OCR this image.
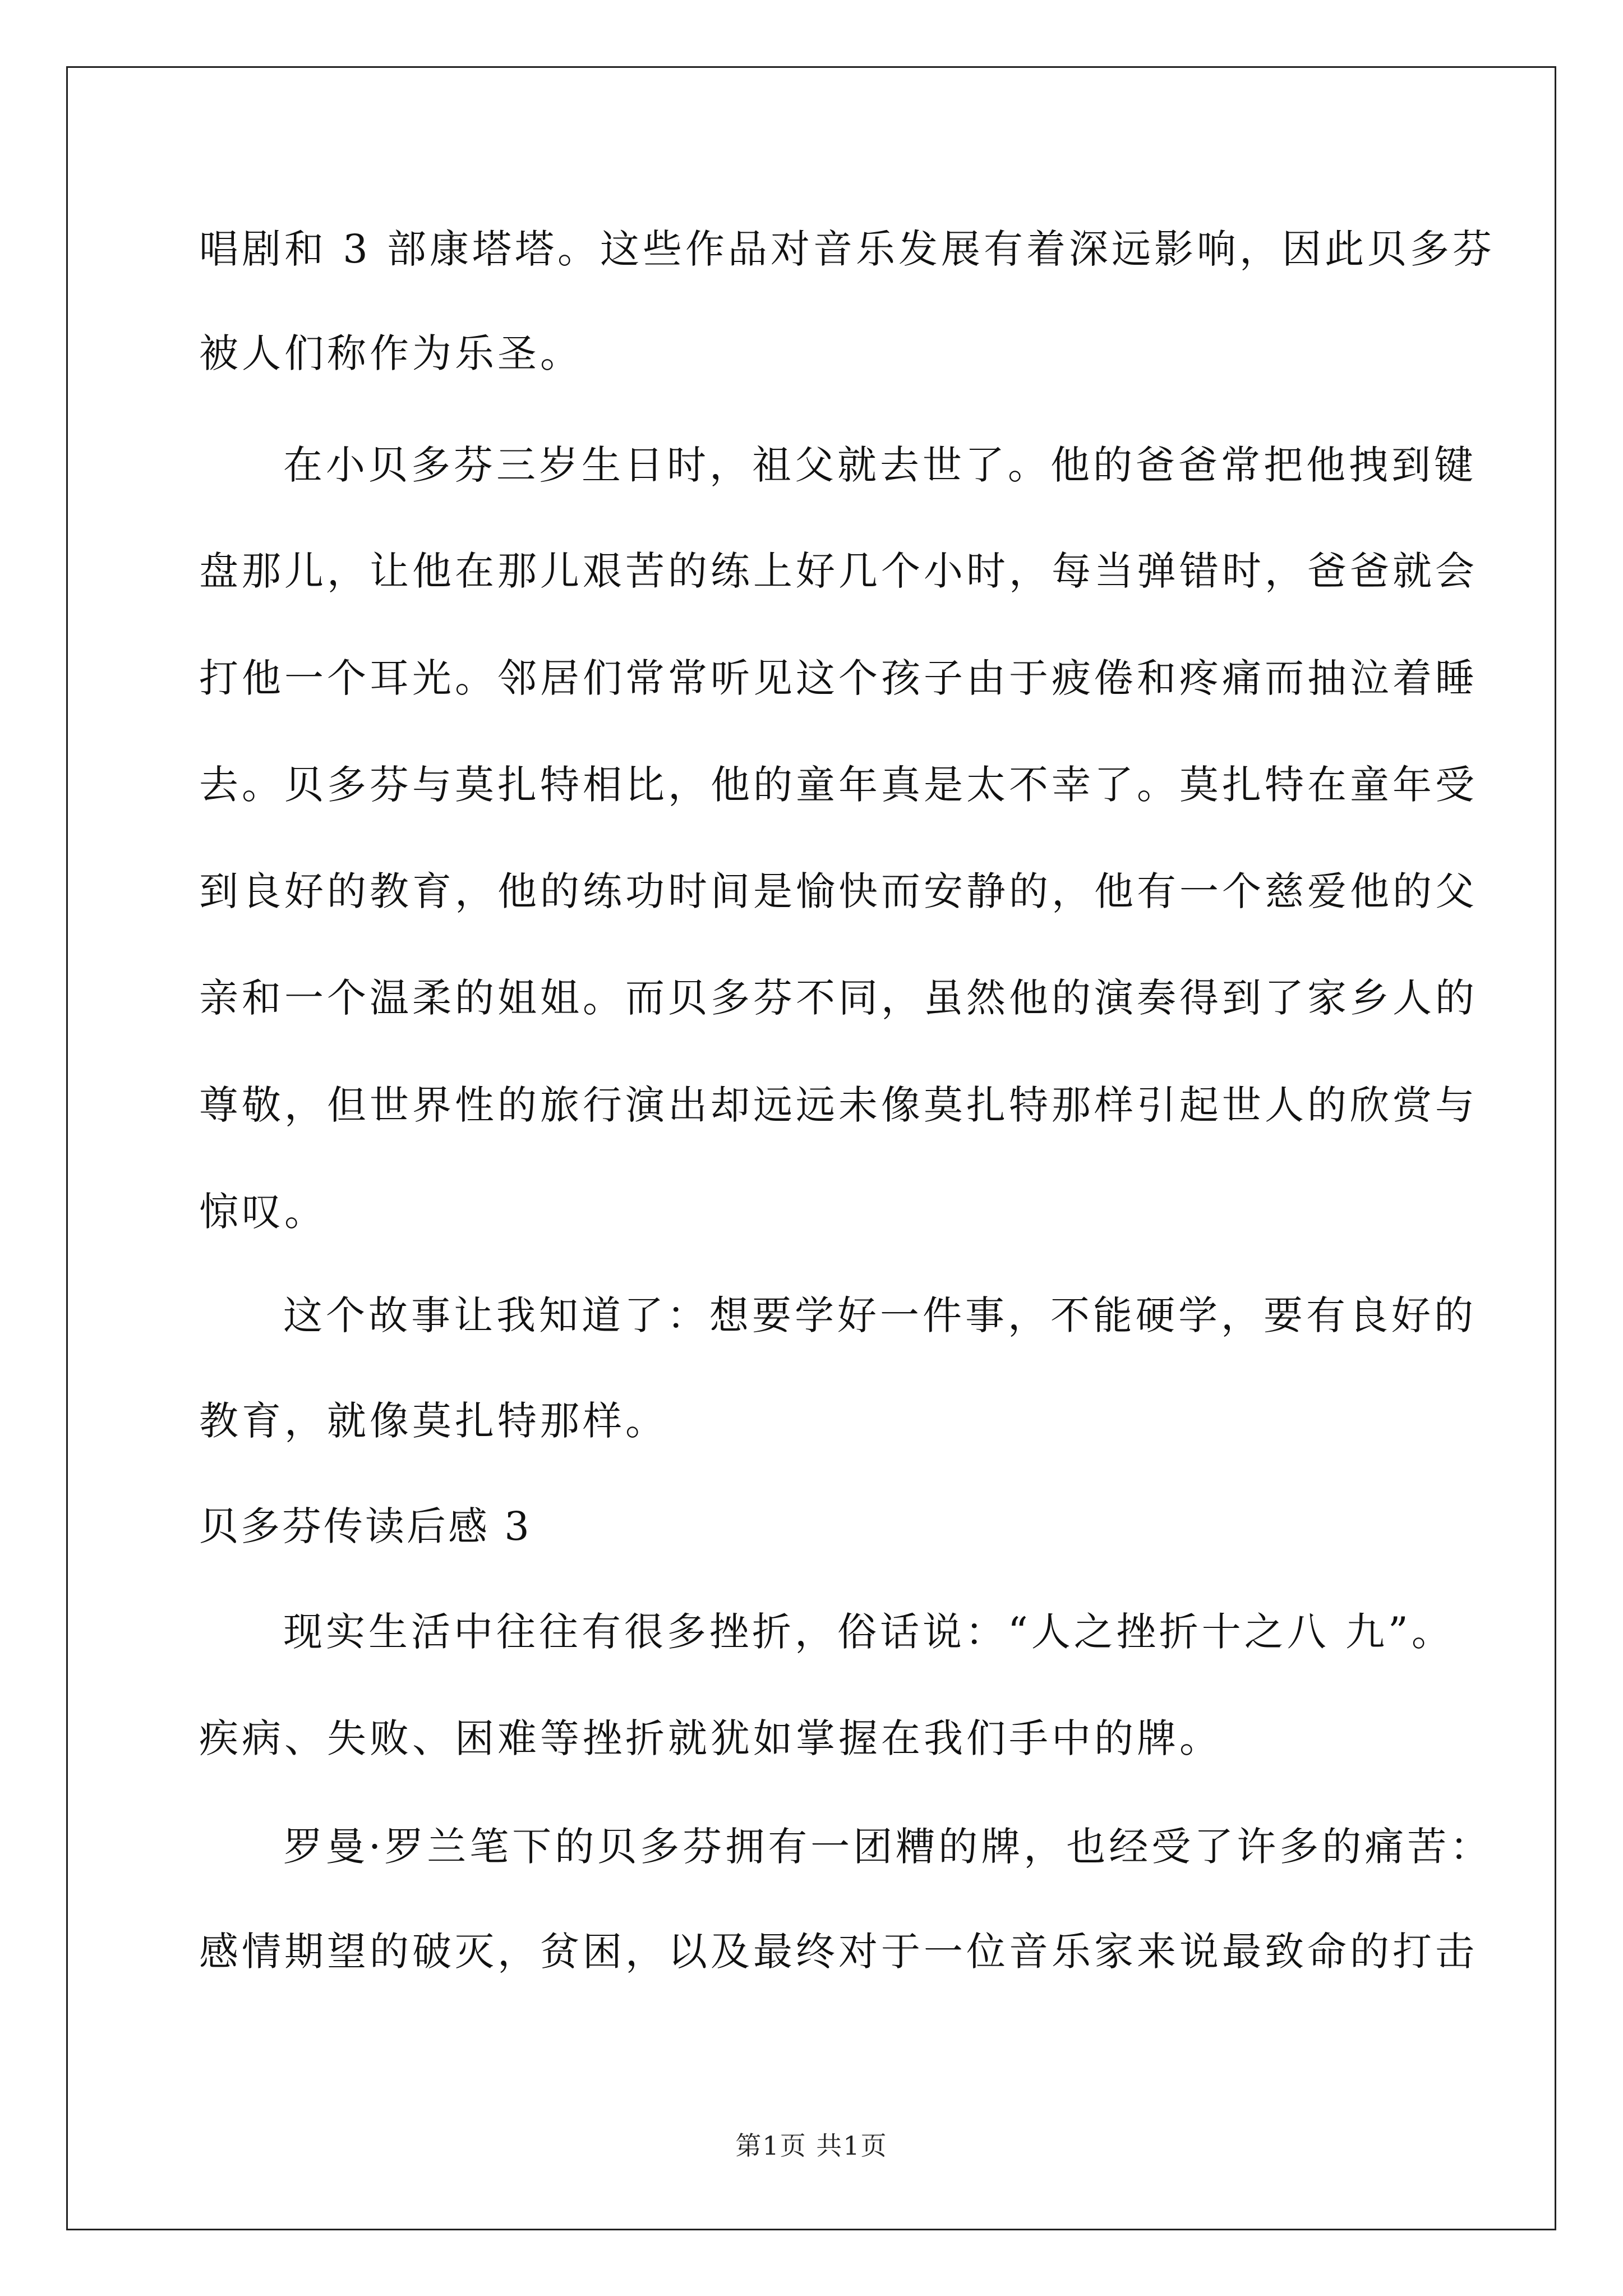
唱剧和 3 部康塔塔。这些作品对音乐发展有着深远影响，因此贝多芬
被人们称作为乐圣。
在小贝多芬三岁生日时，祖父就去世了。他的爸爸常把他拽到键
盘那儿，让他在那儿艰苦的练上好几个小时，每当弹错时，爸爸就会
打他一个耳光。邻居们常常听见这个孩子由于疲倦和疼痛而抽泣着睡
去。贝多芬与莫扎特相比，他的童年真是太不幸了。莫扎特在童年受
到良好的教育，他的练功时间是愉快而安静的，他有一个慈爱他的父
亲和一个温柔的姐姐。而贝多芬不同，虽然他的演奏得到了家乡人的
尊敬，但世界性的旅行演出却远远未像莫扎特那样引起世人的欣赏与
惊叹。
这个故事让我知道了：想要学好一件事，不能硬学，要有良好的
教育，就像莫扎特那样。
贝多芬传读后感 3
现实生活中往往有很多挫折，俗话说：“人之挫折十之八 九”。
疾病、失败、困难等挫折就犹如掌握在我们手中的牌。
罗曼·罗兰笔下的贝多芬拥有一团糟的牌，也经受了许多的痛苦：
感情期望的破灭，贫困，以及最终对于一位音乐家来说最致命的打击
第1页 共1页
